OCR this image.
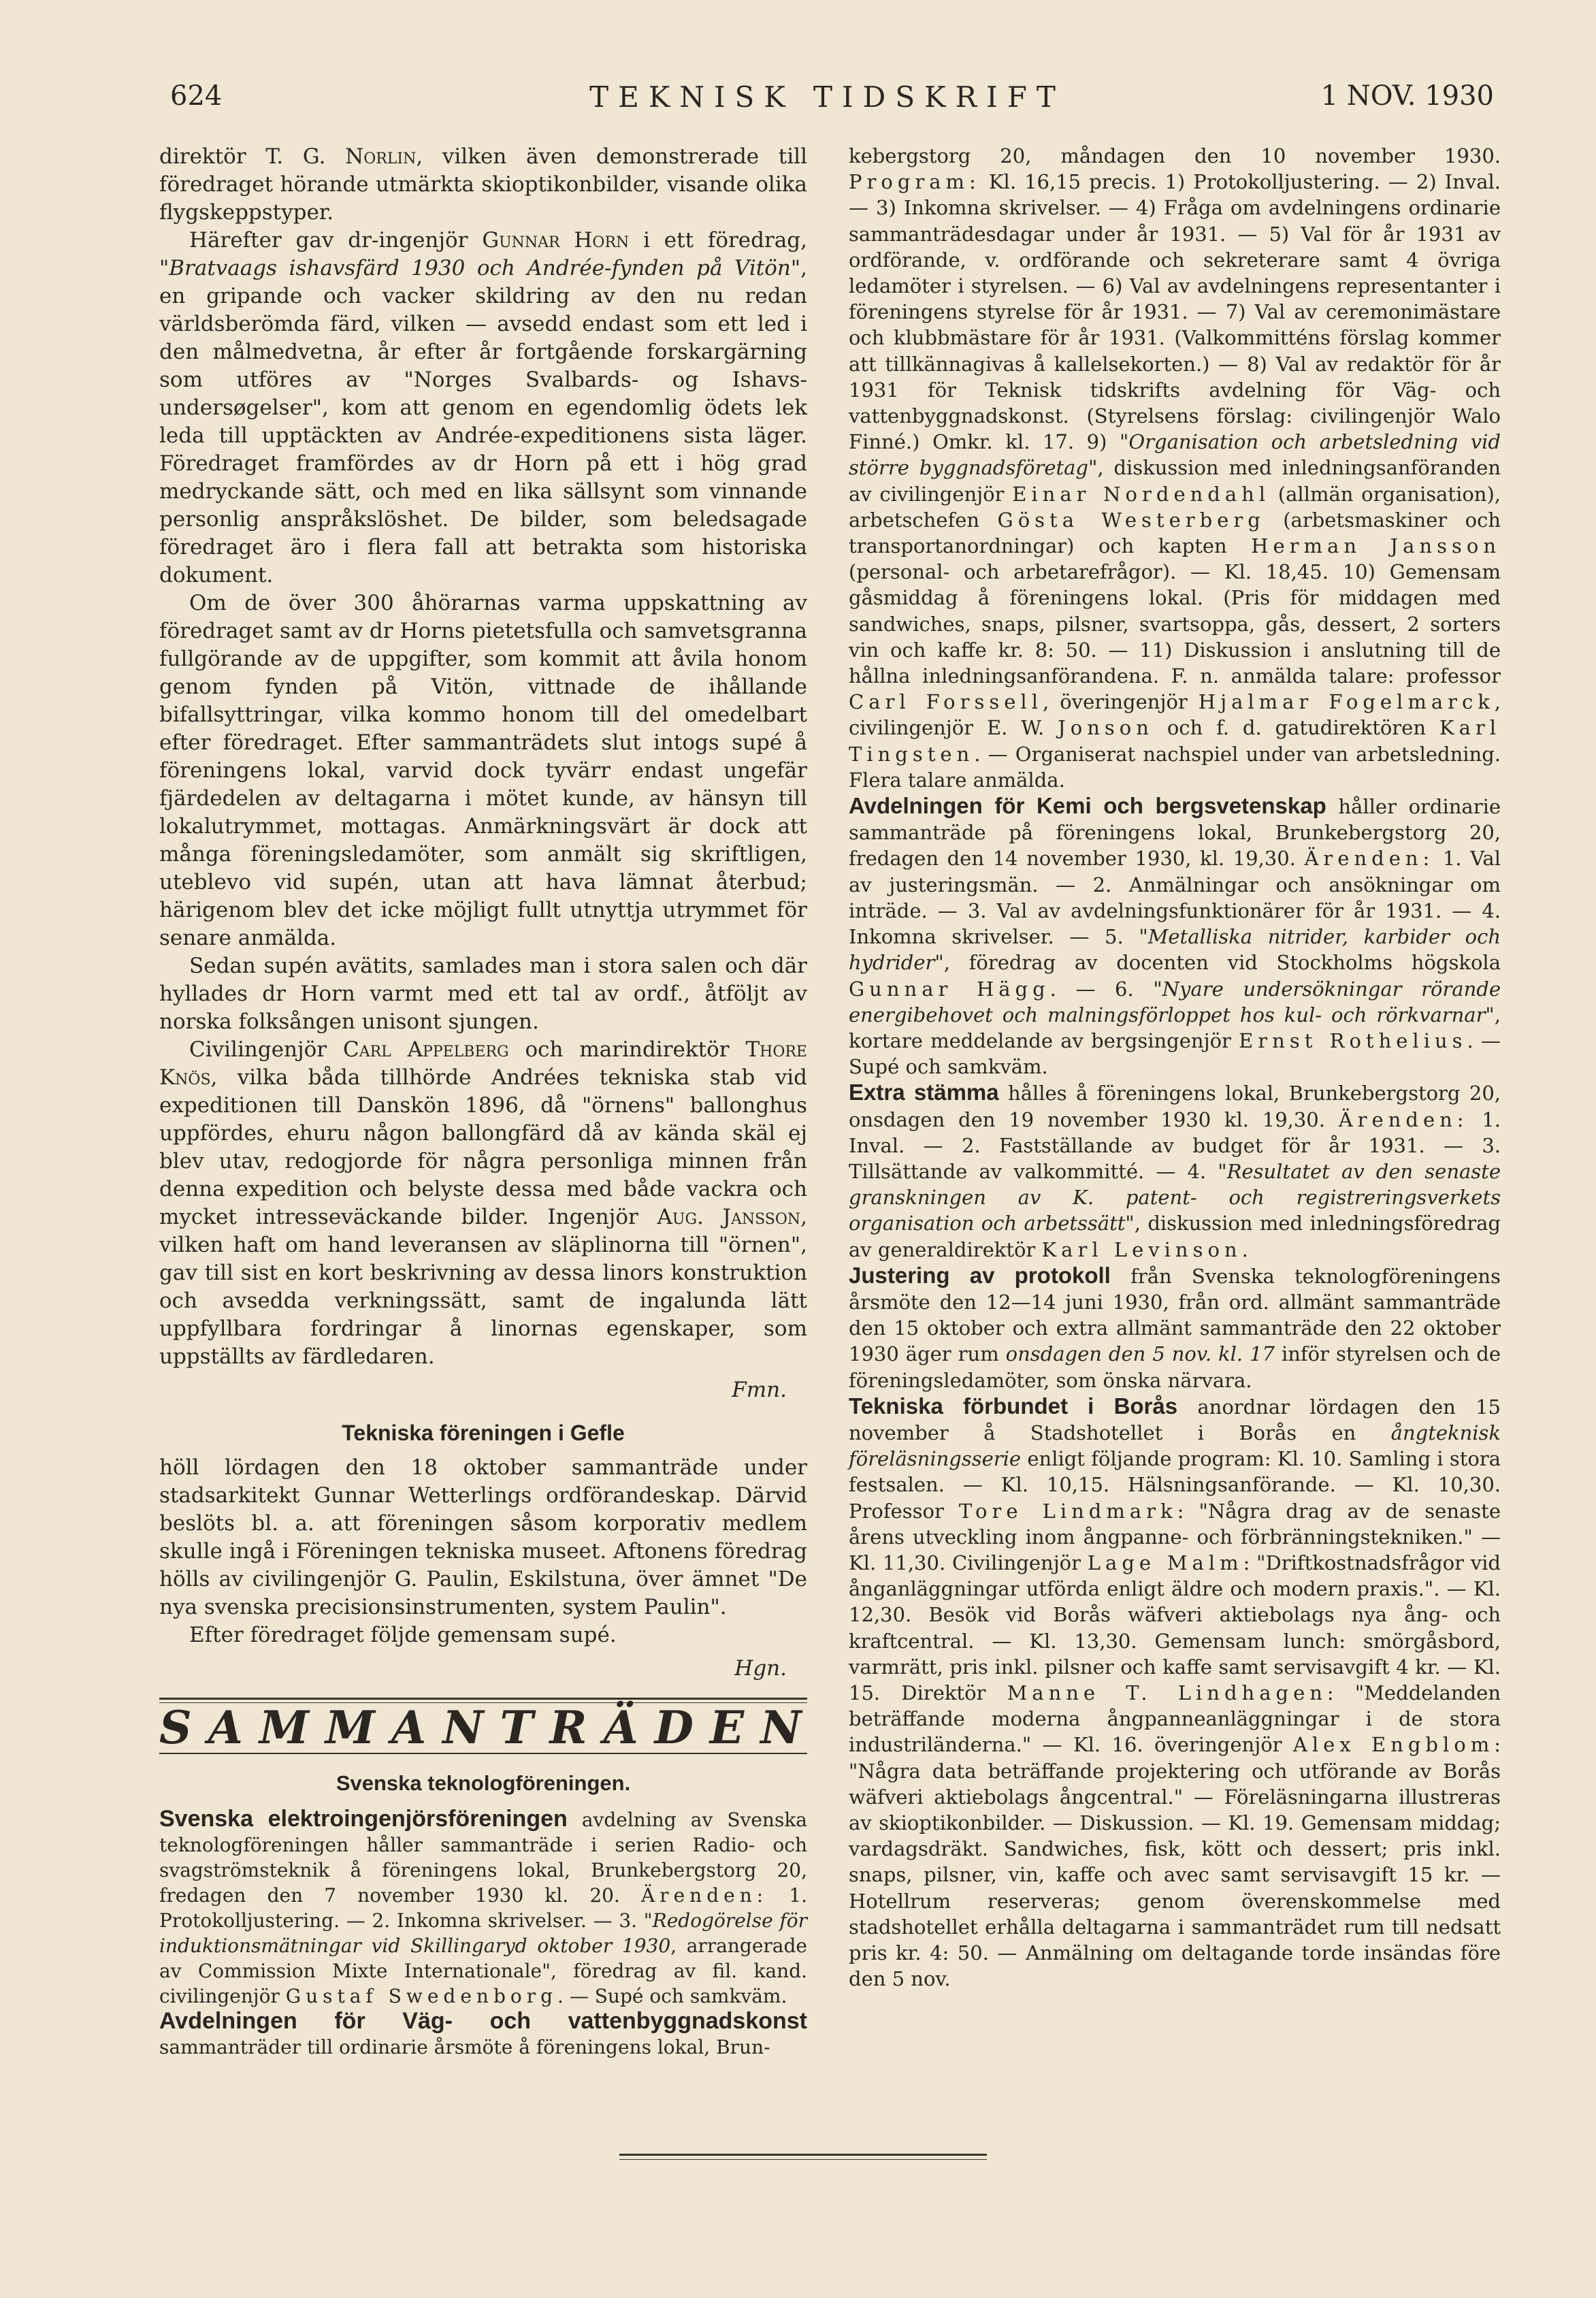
624	TEKNISK TIDSKRIFT	1 NOV. 1930

direktör T. G. Norlin, vilken även demonstrerade till föredraget hörande utmärkta skioptikonbilder, visande olika flygskeppstyper.

Härefter gav dr-ingenjör Gunnar Horn i ett föredrag, "Bratvaags ishavsfärd 1930 och Andrée-fynden på Vitön", en gripande och vacker skildring av den nu redan världsberömda färd, vilken — avsedd endast som ett led i den målmedvetna, år efter år fortgående forskargärning som utföres av "Norges Svalbards- og Ishavs-undersøgelser", kom att genom en egendomlig ödets lek leda till upptäckten av Andrée-expeditionens sista läger. Föredraget framfördes av dr Horn på ett i hög grad medryckande sätt, och med en lika sällsynt som vinnande personlig anspråkslöshet. De bilder, som beledsagade föredraget äro i flera fall att betrakta som historiska dokument.

Om de över 300 åhörarnas varma uppskattning av föredraget samt av dr Horns pietetsfulla och samvetsgranna fullgörande av de uppgifter, som kommit att åvila honom genom fynden på Vitön, vittnade de ihållande bifallsyttringar, vilka kommo honom till del omedelbart efter föredraget. Efter sammanträdets slut intogs supé å föreningens lokal, varvid dock tyvärr endast ungefär fjärdedelen av deltagarna i mötet kunde, av hänsyn till lokalutrymmet, mottagas. Anmärkningsvärt är dock att många föreningsledamöter, som anmält sig skriftligen, uteblevo vid supén, utan att hava lämnat återbud; härigenom blev det icke möjligt fullt utnyttja utrymmet för senare anmälda.

Sedan supén avätits, samlades man i stora salen och där hyllades dr Horn varmt med ett tal av ordf., åtföljt av norska folksången unisont sjungen.

Civilingenjör Carl Appelberg och marindirektör Thore Knös, vilka båda tillhörde Andrées tekniska stab vid expeditionen till Danskön 1896, då "örnens" ballonghus uppfördes, ehuru någon ballongfärd då av kända skäl ej blev utav, redogjorde för några personliga minnen från denna expedition och belyste dessa med både vackra och mycket intresseväckande bilder. Ingenjör Aug. Jansson, vilken haft om hand leveransen av släplinorna till "örnen", gav till sist en kort beskrivning av dessa linors konstruktion och avsedda verkningssätt, samt de ingalunda lätt uppfyllbara fordringar å linornas egenskaper, som uppställts av färdledaren.

Fmn.
Tekniska föreningen i Gefle

höll lördagen den 18 oktober sammanträde under stadsarkitekt Gunnar Wetterlings ordförandeskap. Därvid beslöts bl. a. att föreningen såsom korporativ medlem skulle ingå i Föreningen tekniska museet. Aftonens föredrag hölls av civilingenjör G. Paulin, Eskilstuna, över ämnet "De nya svenska precisionsinstrumenten, system Paulin".

Efter föredraget följde gemensam supé.

Hgn.
SAMMANTRÄDEN
Svenska teknologföreningen.

Svenska elektroingenjörsföreningen avdelning av Svenska teknologföreningen håller sammanträde i serien Radio- och svagströmsteknik å föreningens lokal, Brunkebergstorg 20, fredagen den 7 november 1930 kl. 20. Ärenden: 1. Protokolljustering. — 2. Inkomna skrivelser. — 3. "Redogörelse för induktionsmätningar vid Skillingaryd oktober 1930, arrangerade av Commission Mixte Internationale", föredrag av fil. kand. civilingenjör Gustaf Swedenborg. — Supé och samkväm.

Avdelningen för Väg- och vattenbyggnadskonst sammanträder till ordinarie årsmöte å föreningens lokal, Brun-

kebergstorg 20, måndagen den 10 november 1930. Program: Kl. 16,15 precis. 1) Protokolljustering. — 2) Inval. — 3) Inkomna skrivelser. — 4) Fråga om avdelningens ordinarie sammanträdesdagar under år 1931. — 5) Val för år 1931 av ordförande, v. ordförande och sekreterare samt 4 övriga ledamöter i styrelsen. — 6) Val av avdelningens representanter i föreningens styrelse för år 1931. — 7) Val av ceremonimästare och klubbmästare för år 1931. (Valkommitténs förslag kommer att tillkännagivas å kallelsekorten.) — 8) Val av redaktör för år 1931 för Teknisk tidskrifts avdelning för Väg- och vattenbyggnadskonst. (Styrelsens förslag: civilingenjör Walo Finné.) Omkr. kl. 17. 9) "Organisation och arbetsledning vid större byggnadsföretag", diskussion med inledningsanföranden av civilingenjör Einar Nordendahl (allmän organisation), arbetschefen Gösta Westerberg (arbetsmaskiner och transportanordningar) och kapten Herman Jansson (personal- och arbetarefrågor). — Kl. 18,45. 10) Gemensam gåsmiddag å föreningens lokal. (Pris för middagen med sandwiches, snaps, pilsner, svartsoppa, gås, dessert, 2 sorters vin och kaffe kr. 8: 50. — 11) Diskussion i anslutning till de hållna inledningsanförandena. F. n. anmälda talare: professor Carl Forssell, överingenjör Hjalmar Fogelmarck, civilingenjör E. W. Jonson och f. d. gatudirektören Karl Tingsten. — Organiserat nachspiel under van arbetsledning. Flera talare anmälda.

Avdelningen för Kemi och bergsvetenskap håller ordinarie sammanträde på föreningens lokal, Brunkebergstorg 20, fredagen den 14 november 1930, kl. 19,30. Ärenden: 1. Val av justeringsmän. — 2. Anmälningar och ansökningar om inträde. — 3. Val av avdelningsfunktionärer för år 1931. — 4. Inkomna skrivelser. — 5. "Metalliska nitrider, karbider och hydrider", föredrag av docenten vid Stockholms högskola Gunnar Hägg. — 6. "Nyare undersökningar rörande energibehovet och malningsförloppet hos kul- och rörkvarnar", kortare meddelande av bergsingenjör Ernst Rothelius. — Supé och samkväm.

Extra stämma hålles å föreningens lokal, Brunkebergstorg 20, onsdagen den 19 november 1930 kl. 19,30. Ärenden: 1. Inval. — 2. Fastställande av budget för år 1931. — 3. Tillsättande av valkommitté. — 4. "Resultatet av den senaste granskningen av K. patent- och registreringsverkets organisation och arbetssätt", diskussion med inledningsföredrag av generaldirektör Karl Levinson.

Justering av protokoll från Svenska teknologföreningens årsmöte den 12—14 juni 1930, från ord. allmänt sammanträde den 15 oktober och extra allmänt sammanträde den 22 oktober 1930 äger rum onsdagen den 5 nov. kl. 17 inför styrelsen och de föreningsledamöter, som önska närvara.

Tekniska förbundet i Borås anordnar lördagen den 15 november å Stadshotellet i Borås en ångteknisk föreläsningsserie enligt följande program: Kl. 10. Samling i stora festsalen. — Kl. 10,15. Hälsningsanförande. — Kl. 10,30. Professor Tore Lindmark: "Några drag av de senaste årens utveckling inom ångpanne- och förbränningstekniken." — Kl. 11,30. Civilingenjör Lage Malm: "Driftkostnadsfrågor vid ånganläggningar utförda enligt äldre och modern praxis.". — Kl. 12,30. Besök vid Borås wäfveri aktiebolags nya ång- och kraftcentral. — Kl. 13,30. Gemensam lunch: smörgåsbord, varmrätt, pris inkl. pilsner och kaffe samt servisavgift 4 kr. — Kl. 15. Direktör Manne T. Lindhagen: "Meddelanden beträffande moderna ångpanneanläggningar i de stora industriländerna." — Kl. 16. överingenjör Alex Engblom: "Några data beträffande projektering och utförande av Borås wäfveri aktiebolags ångcentral." — Föreläsningarna illustreras av skioptikonbilder. — Diskussion. — Kl. 19. Gemensam middag; vardagsdräkt. Sandwiches, fisk, kött och dessert; pris inkl. snaps, pilsner, vin, kaffe och avec samt servisavgift 15 kr. — Hotellrum reserveras; genom överenskommelse med stadshotellet erhålla deltagarna i sammanträdet rum till nedsatt pris kr. 4: 50. — Anmälning om deltagande torde insändas före den 5 nov.
